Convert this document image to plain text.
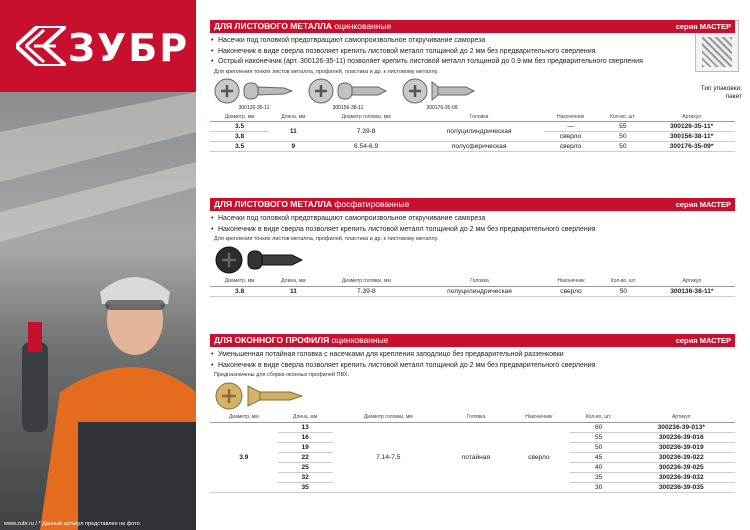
ЗУБР
www.zubr.ru / * Данный артикул представлен на фото.
Тип упаковки:
пакет
ДЛЯ ЛИСТОВОГО МЕТАЛЛА оцинкованные	серия МАСТЕР
• Насечки под головкой предотвращают самопроизвольное откручивание самореза
• Наконечник в виде сверла позволяет крепить листовой металл толщиной до 2 мм без предварительного сверления
• Острый наконечник (арт. 300126-35-11) позволяет крепить листовой металл толщиной до 0.9 мм без предварительного сверления
Для крепления тонких листов металла, профилей, пластика и др. к листовому металлу.
300126-35-11	300156-38-11	300176-35-09
Диаметр, мм	Длина, мм	Диаметр головки, мм	Головка	Наконечник	Кол-во, шт.	Артикул
3.5	11	7.39-8	полуцилиндрическая	—	55	300126-35-11*
3.8				сверло	50	300156-38-11*
3.5	9	6.54-6.9	полусферическая	сверло	50	300176-35-09*
ДЛЯ ЛИСТОВОГО МЕТАЛЛА фосфатированные	серия МАСТЕР
• Насечки под головкой предотвращают самопроизвольное откручивание самореза
• Наконечник в виде сверла позволяет крепить листовой металл толщиной до 2 мм без предварительного сверления
Для крепления тонких листов металла, профилей, пластика и др. к листовому металлу.
Диаметр, мм	Длина, мм	Диаметр головки, мм	Головка	Наконечник	Кол-во, шт.	Артикул
3.8	11	7.39-8	полуцилиндрическая	сверло	50	300136-38-11*
ДЛЯ ОКОННОГО ПРОФИЛЯ оцинкованные	серия МАСТЕР
• Уменьшенная потайная головка с насечками для крепления заподлицо без предварительной раззенковки
• Наконечник в виде сверла позволяет крепить листовой металл толщиной до 2 мм без предварительного сверления
Предназначены для сборки оконных профилей ПВХ.
Диаметр, мм	Длина, мм	Диаметр головки, мм	Головка	Наконечник	Кол-во, шт.	Артикул
3.9	13	7.14-7.5	потайная	сверло	60	300236-39-013*
	16				55	300236-39-016
	19				50	300236-39-019
	22				45	300236-39-022
	25				40	300236-39-025
	32				35	300236-39-032
	35				30	300236-39-035
